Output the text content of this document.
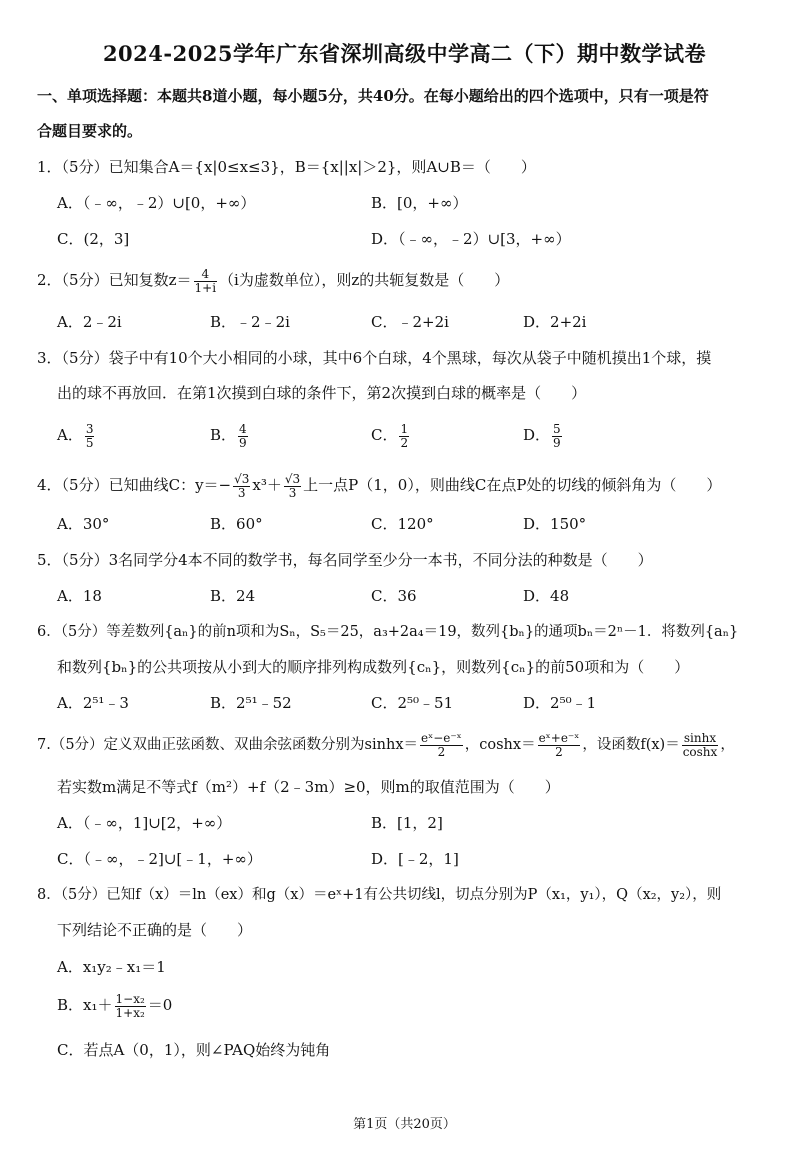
2024-2025学年广东省深圳高级中学高二（下）期中数学试卷
一、单项选择题：本题共8道小题，每小题5分，共40分。在每小题给出的四个选项中，只有一项是符
合题目要求的。
1．（5分）已知集合A＝{x|0≤x≤3}，B＝{x||x|＞2}，则A∪B＝（　　）
A．（﹣∞，﹣2）∪[0，+∞）	B．[0，+∞）
C．(2，3]	D．（﹣∞，﹣2）∪[3，+∞）
2．（5分）已知复数$z= \frac{4}{1+i} (i$为虚数单位），则z的共轭复数是（　　）
A．2﹣2i	B．﹣2﹣2i	C．﹣2+2i	D．2+2i
3．（5分）袋子中有10个大小相同的小球，其中6个白球，4个黑球，每次从袋子中随机摸出1个球，摸
出的球不再放回．在第1次摸到白球的条件下，第2次摸到白球的概率是（　　）
A． $\frac{3}{5}$	B． $\frac{4}{9}$	C． $\frac{1}{2}$	D． $\frac{5}{9}$
4．（5分）已知曲线C：$y=- \frac{√3}{3} x^3+ \frac{√3}{3}$ 上一点P（1，0），则曲线C在点P处的切线的倾斜角为（　　）
A．30°	B．60°	C．120°	D．150°
5．（5分）3名同学分4本不同的数学书，每名同学至少分一本书，不同分法的种数是（　　）
A．18	B．24	C．36	D．48
6．（5分）等差数列{aₙ}的前n项和为Sₙ，S₅＝25，a₃+2a₄＝19，数列{bₙ}的通项bₙ＝2ⁿ－1．将数列{aₙ}
和数列{bₙ}的公共项按从小到大的顺序排列构成数列{cₙ}，则数列{cₙ}的前50项和为（　　）
A．2⁵¹﹣3	B．2⁵¹﹣52	C．2⁵⁰﹣51	D．2⁵⁰﹣1
7.（5分）定义双曲正弦函数、双曲余弦函数分别为$\sinh x= \frac{\text{eˣ−e⁻ˣ}}{2}$ ，$\cosh x= \frac{\text{eˣ+e⁻ˣ}}{2}$ ，设函数$f(x)= \frac{\sinh x}{\cosh x}$ ，
若实数m满足不等式f（m²）+f（2﹣3m）≥0，则m的取值范围为（　　）
A．（﹣∞，1]∪[2，+∞）	B．[1，2]
C．（﹣∞，﹣2]∪[﹣1，+∞）	D．[﹣2，1]
8．（5分）已知f（x）＝ln（ex）和g（x）＝eˣ+1有公共切线l，切点分别为P（x₁，y₁），Q（x₂，y₂），则
下列结论不正确的是（　　）
A．x₁y₂﹣x₁＝1
B．$x_1+ \frac{\text{1−x₂}}{\text{1+x₂}} =0$
C．若点A（0，1），则∠PAQ始终为钝角
第1页（共20页）
